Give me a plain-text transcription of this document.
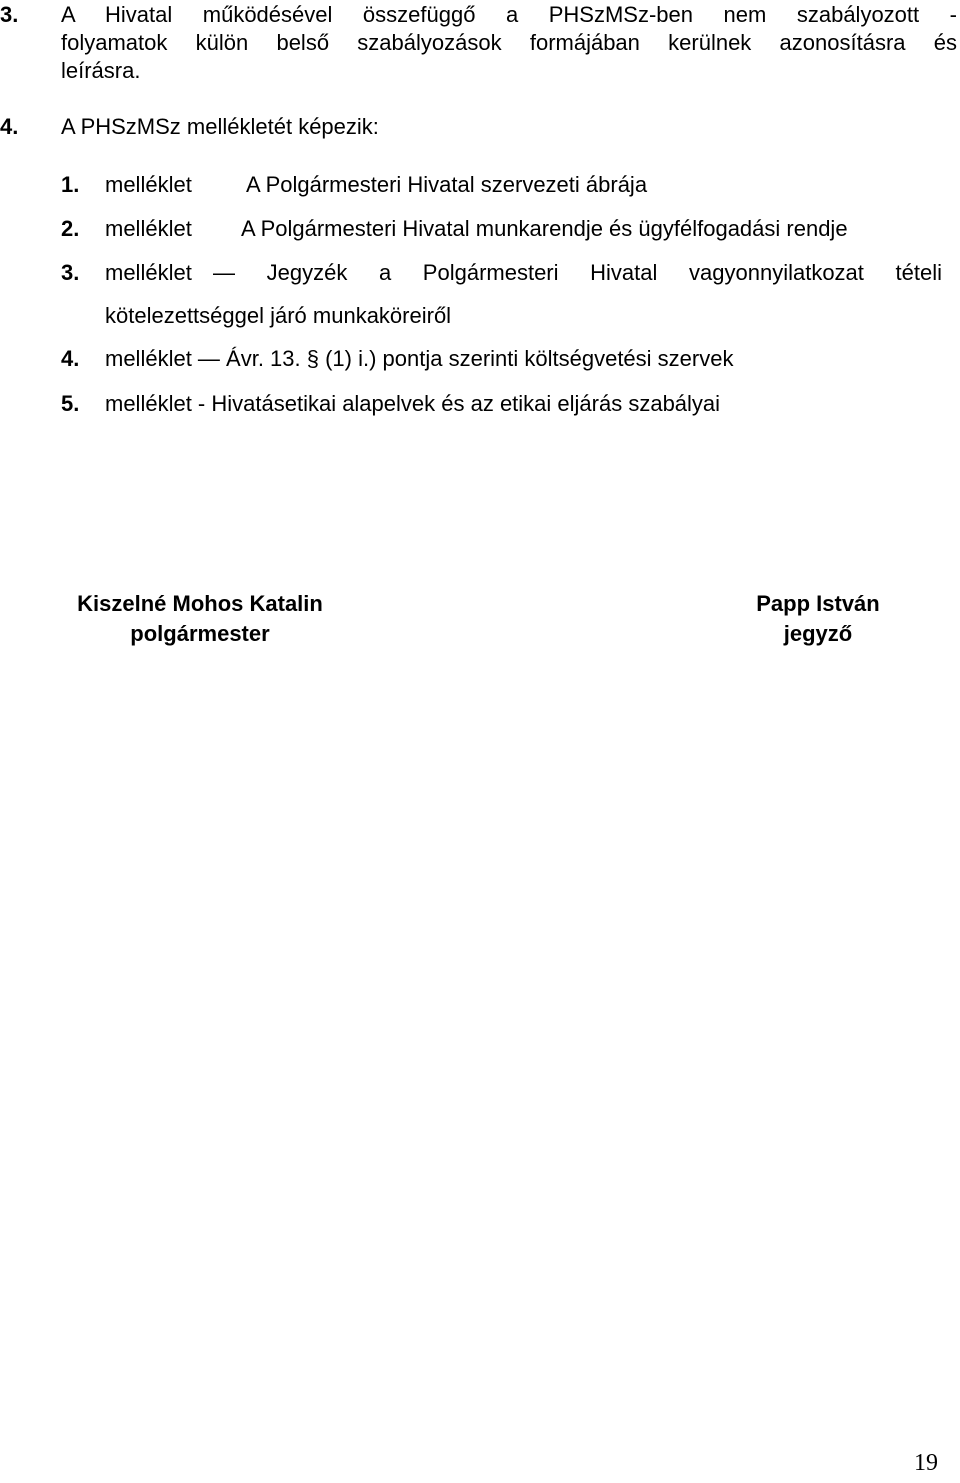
3. A Hivatal működésével összefüggő a PHSzMSz-ben nem szabályozott -
folyamatok külön belső szabályozások formájában kerülnek azonosításra és
leírásra.
4. A PHSzMSz mellékletét képezik:
1. melléklet A Polgármesteri Hivatal szervezeti ábrája
2. melléklet A Polgármesteri Hivatal munkarendje és ügyfélfogadási rendje
3. melléklet — Jegyzék a Polgármesteri Hivatal vagyonnyilatkozat tételi
kötelezettséggel járó munkaköreiről
4. melléklet — Ávr. 13. § (1) i.) pontja szerinti költségvetési szervek
5. melléklet - Hivatásetikai alapelvek és az etikai eljárás szabályai
Kiszelné Mohos Katalin
polgármester
Papp István
jegyző
19
